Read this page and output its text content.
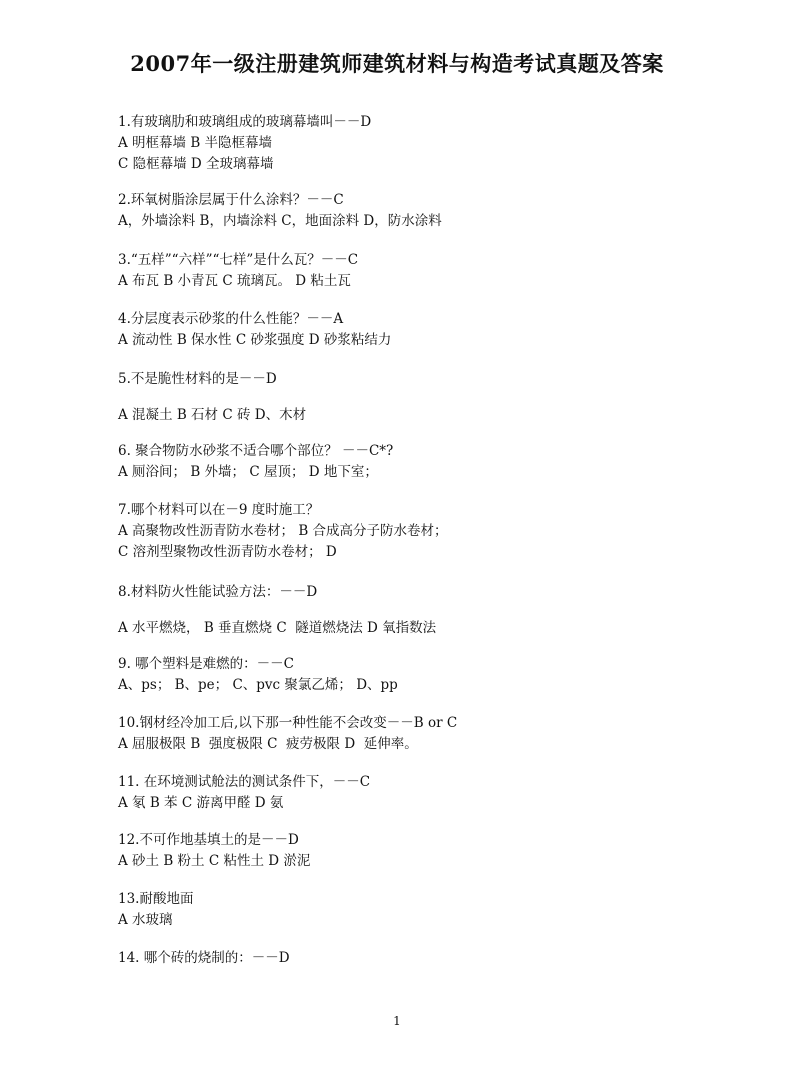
2007年一级注册建筑师建筑材料与构造考试真题及答案
1.有玻璃肋和玻璃组成的玻璃幕墙叫－－D
A 明框幕墙 B 半隐框幕墙
C 隐框幕墙 D 全玻璃幕墙
2.环氧树脂涂层属于什么涂料？－－C
A，外墙涂料 B，内墙涂料 C，地面涂料 D，防水涂料
3.“五样”“六样”“七样”是什么瓦？－－C
A 布瓦 B 小青瓦 C 琉璃瓦。 D 粘土瓦
4.分层度表示砂浆的什么性能？－－A
A 流动性 B 保水性 C 砂浆强度 D 砂浆粘结力
5.不是脆性材料的是－－D
A 混凝土 B 石材 C 砖 D、木材
6. 聚合物防水砂浆不适合哪个部位？ －－C*?
A 厕浴间； B 外墙； C 屋顶； D 地下室；
7.哪个材料可以在－9 度时施工？
A 高聚物改性沥青防水卷材； B 合成高分子防水卷材；
C 溶剂型聚物改性沥青防水卷材； D
8.材料防火性能试验方法：－－D
A 水平燃烧， B 垂直燃烧 C  隧道燃烧法 D 氧指数法
9. 哪个塑料是难燃的：－－C
A、ps； B、pe； C、pvc 聚氯乙烯； D、pp
10.钢材经冷加工后,以下那一种性能不会改变－－B or C
A 屈服极限 B  强度极限 C  疲劳极限 D  延伸率。
11. 在环境测试舱法的测试条件下，－－C
A 氡 B 苯 C 游离甲醛 D 氨
12.不可作地基填土的是－－D
A 砂土 B 粉土 C 粘性土 D 淤泥
13.耐酸地面
A 水玻璃
14. 哪个砖的烧制的：－－D
1
